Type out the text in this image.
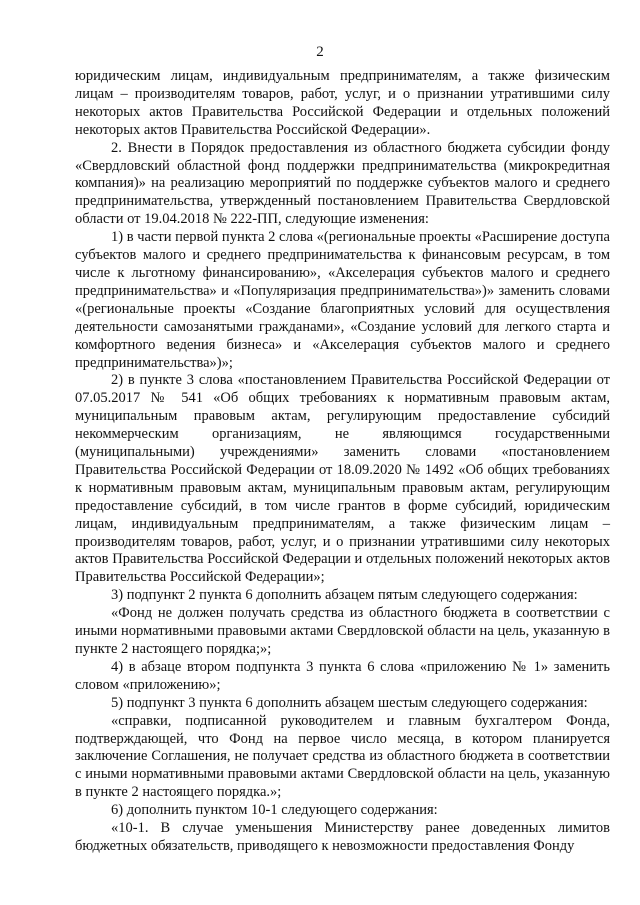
2

юридическим лицам, индивидуальным предпринимателям, а также физическим лицам – производителям товаров, работ, услуг, и о признании утратившими силу некоторых актов Правительства Российской Федерации и отдельных положений некоторых актов Правительства Российской Федерации».

2. Внести в Порядок предоставления из областного бюджета субсидии фонду «Свердловский областной фонд поддержки предпринимательства (микрокредитная компания)» на реализацию мероприятий по поддержке субъектов малого и среднего предпринимательства, утвержденный постановлением Правительства Свердловской области от 19.04.2018 № 222-ПП, следующие изменения:

1) в части первой пункта 2 слова «(региональные проекты «Расширение доступа субъектов малого и среднего предпринимательства к финансовым ресурсам, в том числе к льготному финансированию», «Акселерация субъектов малого и среднего предпринимательства» и «Популяризация предпринимательства»)» заменить словами «(региональные проекты «Создание благоприятных условий для осуществления деятельности самозанятыми гражданами», «Создание условий для легкого старта и комфортного ведения бизнеса» и «Акселерация субъектов малого и среднего предпринимательства»)»;

2) в пункте 3 слова «постановлением Правительства Российской Федерации от 07.05.2017 № 541 «Об общих требованиях к нормативным правовым актам, муниципальным правовым актам, регулирующим предоставление субсидий некоммерческим организациям, не являющимся государственными (муниципальными) учреждениями» заменить словами «постановлением Правительства Российской Федерации от 18.09.2020 № 1492 «Об общих требованиях к нормативным правовым актам, муниципальным правовым актам, регулирующим предоставление субсидий, в том числе грантов в форме субсидий, юридическим лицам, индивидуальным предпринимателям, а также физическим лицам – производителям товаров, работ, услуг, и о признании утратившими силу некоторых актов Правительства Российской Федерации и отдельных положений некоторых актов Правительства Российской Федерации»;

3) подпункт 2 пункта 6 дополнить абзацем пятым следующего содержания:

«Фонд не должен получать средства из областного бюджета в соответствии с иными нормативными правовыми актами Свердловской области на цель, указанную в пункте 2 настоящего порядка;»;

4) в абзаце втором подпункта 3 пункта 6 слова «приложению № 1» заменить словом «приложению»;

5) подпункт 3 пункта 6 дополнить абзацем шестым следующего содержания:

«справки, подписанной руководителем и главным бухгалтером Фонда, подтверждающей, что Фонд на первое число месяца, в котором планируется заключение Соглашения, не получает средства из областного бюджета в соответствии с иными нормативными правовыми актами Свердловской области на цель, указанную в пункте 2 настоящего порядка.»;

6) дополнить пунктом 10-1 следующего содержания:

«10-1. В случае уменьшения Министерству ранее доведенных лимитов бюджетных обязательств, приводящего к невозможности предоставления Фонду
